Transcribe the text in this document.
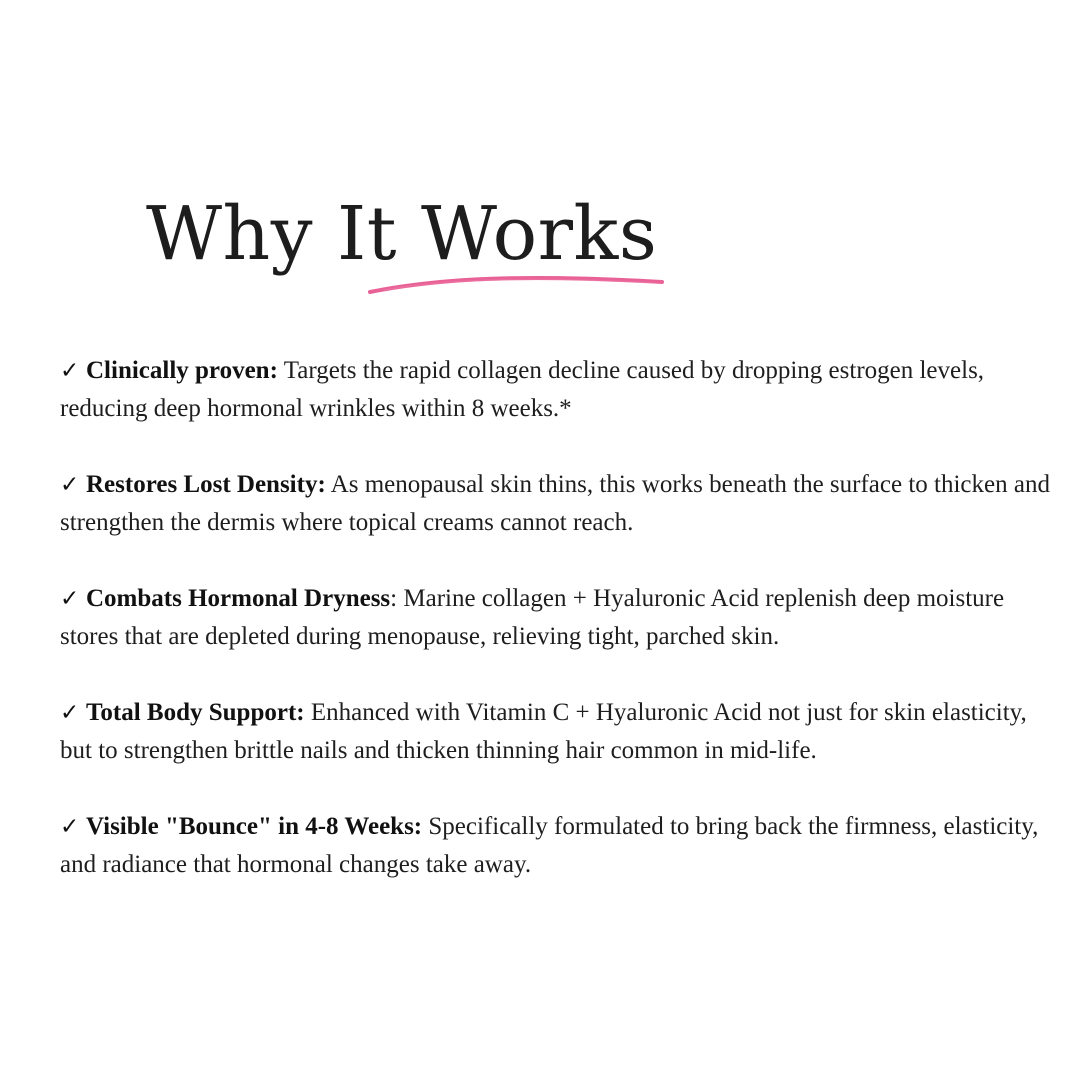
Why It Works
✓ Clinically proven: Targets the rapid collagen decline caused by dropping estrogen levels, reducing deep hormonal wrinkles within 8 weeks.*
✓ Restores Lost Density: As menopausal skin thins, this works beneath the surface to thicken and strengthen the dermis where topical creams cannot reach.
✓ Combats Hormonal Dryness: Marine collagen + Hyaluronic Acid replenish deep moisture stores that are depleted during menopause, relieving tight, parched skin.
✓ Total Body Support: Enhanced with Vitamin C + Hyaluronic Acid not just for skin elasticity, but to strengthen brittle nails and thicken thinning hair common in mid-life.
✓ Visible "Bounce" in 4-8 Weeks: Specifically formulated to bring back the firmness, elasticity, and radiance that hormonal changes take away.
